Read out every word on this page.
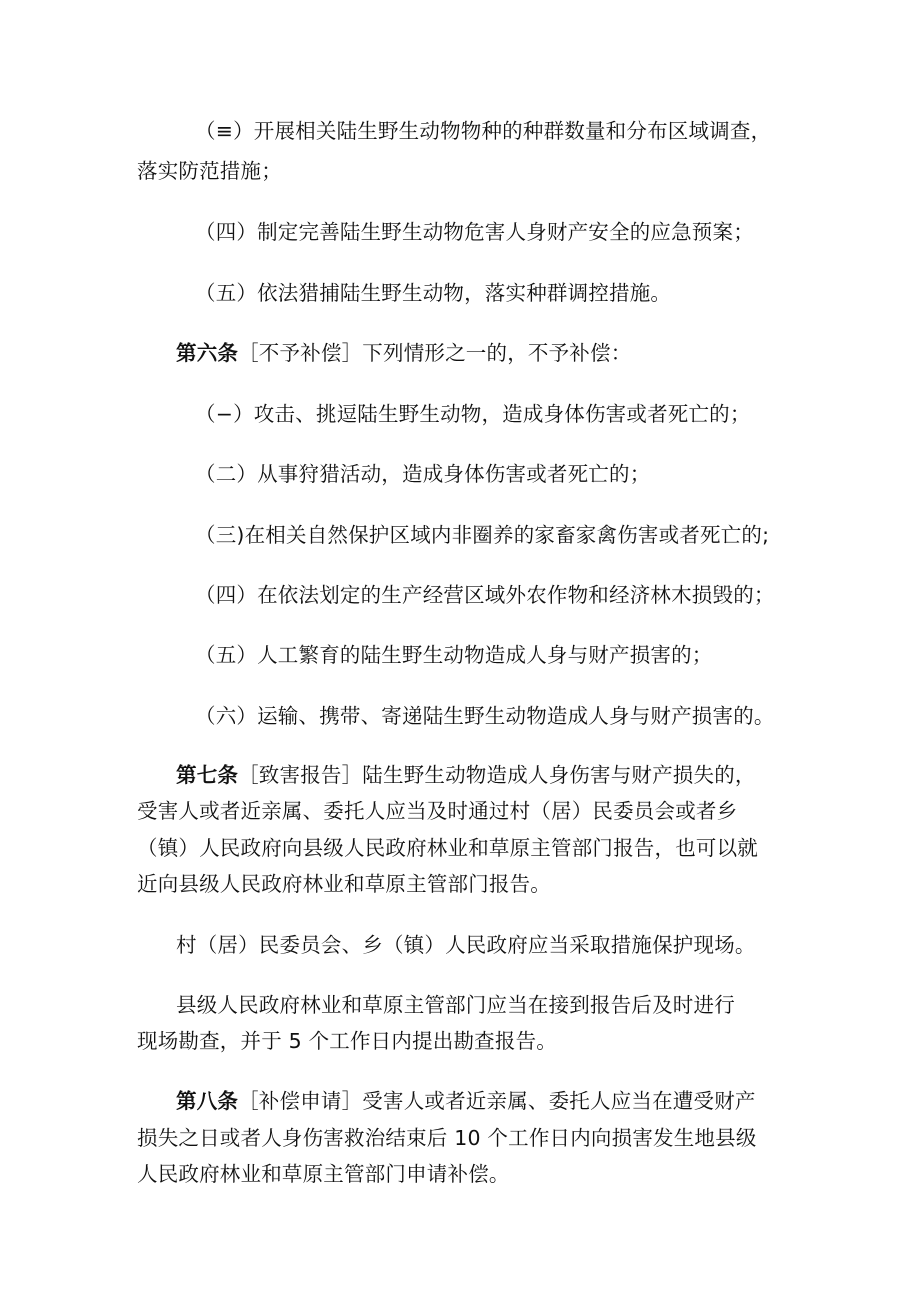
（≡）开展相关陆生野生动物物种的种群数量和分布区域调查，
落实防范措施；
（四）制定完善陆生野生动物危害人身财产安全的应急预案；
（五）依法猎捕陆生野生动物，落实种群调控措施。
第六条［不予补偿］下列情形之一的，不予补偿：
（−）攻击、挑逗陆生野生动物，造成身体伤害或者死亡的；
（二）从事狩猎活动，造成身体伤害或者死亡的；
（三)在相关自然保护区域内非圈养的家畜家禽伤害或者死亡的;
（四）在依法划定的生产经营区域外农作物和经济林木损毁的；
（五）人工繁育的陆生野生动物造成人身与财产损害的；
（六）运输、携带、寄递陆生野生动物造成人身与财产损害的。
第七条［致害报告］陆生野生动物造成人身伤害与财产损失的，
受害人或者近亲属、委托人应当及时通过村（居）民委员会或者乡
（镇）人民政府向县级人民政府林业和草原主管部门报告，也可以就
近向县级人民政府林业和草原主管部门报告。
村（居）民委员会、乡（镇）人民政府应当采取措施保护现场。
县级人民政府林业和草原主管部门应当在接到报告后及时进行
现场勘查，并于 5 个工作日内提出勘查报告。
第八条［补偿申请］受害人或者近亲属、委托人应当在遭受财产
损失之日或者人身伤害救治结束后 10 个工作日内向损害发生地县级
人民政府林业和草原主管部门申请补偿。
